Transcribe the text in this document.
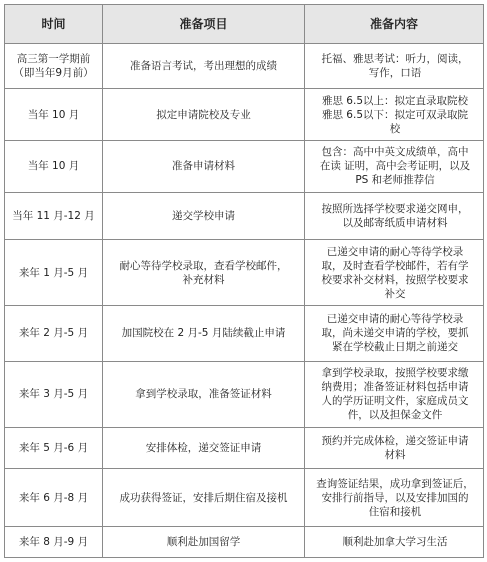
时间	准备项目	准备内容
高三第一学期前
（即当年9月前）	准备语言考试，考出理想的成绩	托福、雅思考试：听力，阅读，
写作，口语
当年 10 月	拟定申请院校及专业	雅思 6.5以上：拟定直录取院校
雅思 6.5以下：拟定可双录取院
校
当年 10 月	准备申请材料	包含：高中中英文成绩单，高中
在读 证明，高中会考证明，以及
PS 和老师推荐信
当年 11 月-12 月	递交学校申请	按照所选择学校要求递交网申，
以及邮寄纸质申请材料
来年 1 月-5 月	耐心等待学校录取，查看学校邮件，
补充材料	已递交申请的耐心等待学校录
取，及时查看学校邮件，若有学
校要求补交材料，按照学校要求
补交
来年 2 月-5 月	加国院校在 2 月-5 月陆续截止申请	已递交申请的耐心等待学校录
取，尚未递交申请的学校，要抓
紧在学校截止日期之前递交
来年 3 月-5 月	拿到学校录取，准备签证材料	拿到学校录取，按照学校要求缴
纳费用；准备签证材料包括申请
人的学历证明文件，家庭成员文
件，以及担保金文件
来年 5 月-6 月	安排体检，递交签证申请	预约并完成体检，递交签证申请
材料
来年 6 月-8 月	成功获得签证，安排后期住宿及接机	查询签证结果，成功拿到签证后，
安排行前指导，以及安排加国的
住宿和接机
来年 8 月-9 月	顺利赴加国留学	顺利赴加拿大学习生活
